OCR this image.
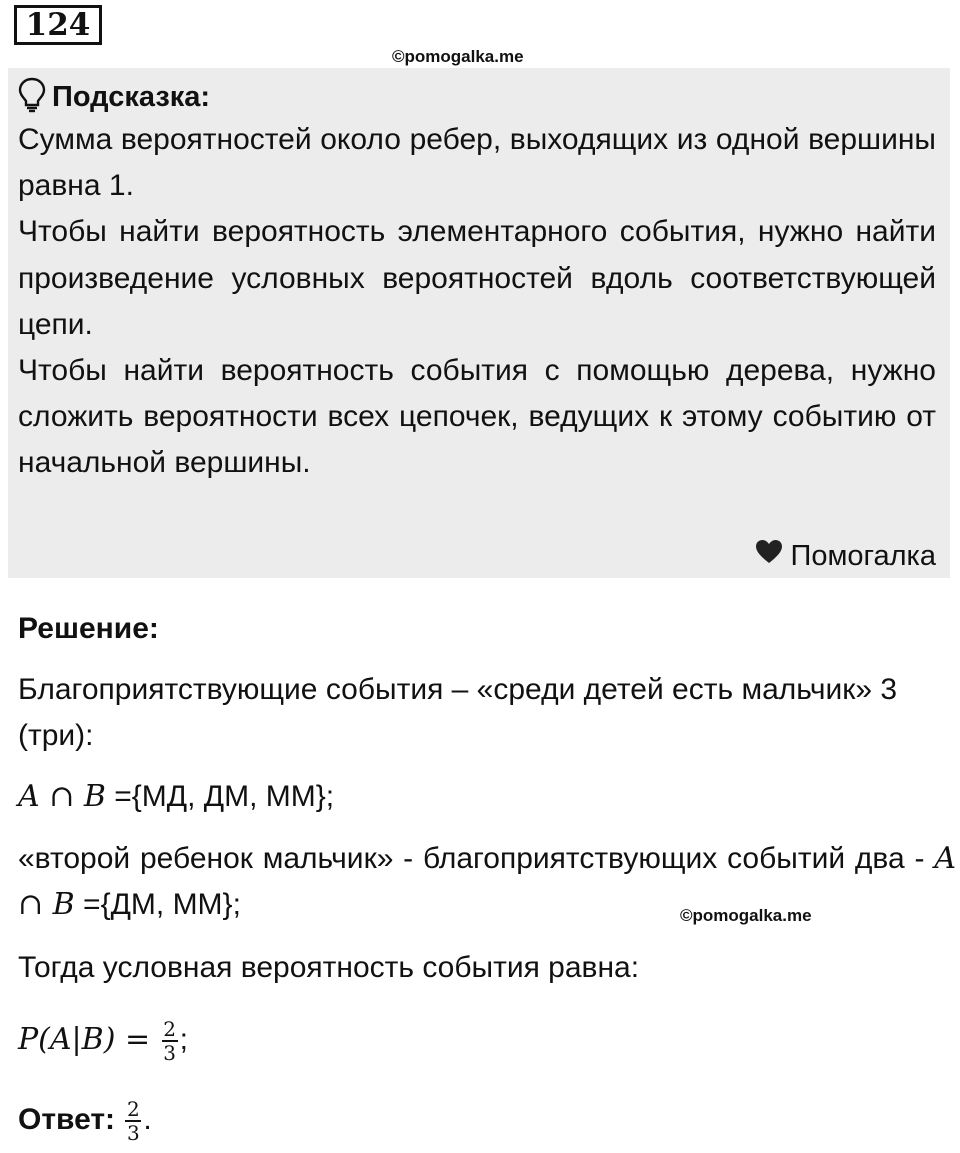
124
©pomogalka.me
Подсказка:

Сумма вероятностей около ребер, выходящих из одной вершины равна 1.

Чтобы найти вероятность элементарного события, нужно найти произведение условных вероятностей вдоль соответствующей цепи.

Чтобы найти вероятность события с помощью дерева, нужно сложить вероятности всех цепочек, ведущих к этому событию от начальной вершины.

Помогалка
Решение:
Благоприятствующие события – «среди детей есть мальчик» 3 (три):
A ∩ B ={МД, ДМ, ММ};
«второй ребенок мальчик» - благоприятствующих событий два - A ∩ B ={ДМ, ММ};	©pomogalka.me
Тогда условная вероятность события равна:
$P(A|B) = \frac{2}{3}$ ;
Ответ: $\frac{2}{3}$ .
